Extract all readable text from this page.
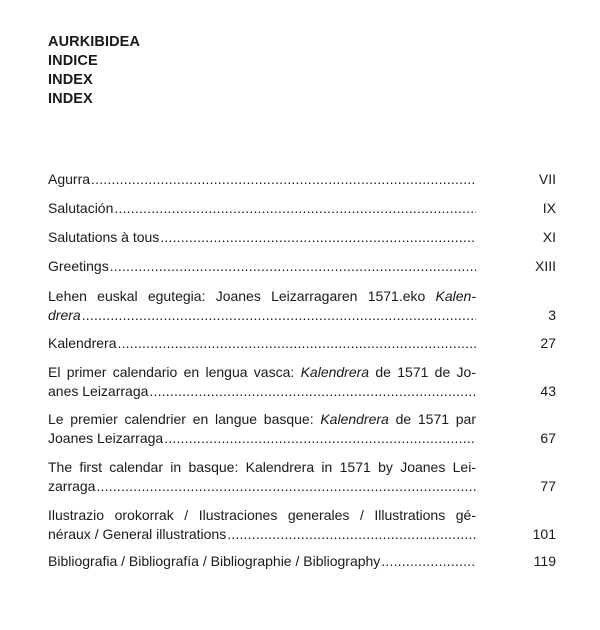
AURKIBIDEA
INDICE
INDEX
INDEX
Agurra .....	VII
Salutación .....	IX
Salutations à tous .....	XI
Greetings .....	XIII
Lehen euskal egutegia: Joanes Leizarragaren 1571.eko Kalen-
drera .....	3
Kalendrera .....	27
El primer calendario en lengua vasca: Kalendrera de 1571 de Jo-
anes Leizarraga .....	43
Le premier calendrier en langue basque: Kalendrera de 1571 par
Joanes Leizarraga .....	67
The first calendar in basque: Kalendrera in 1571 by Joanes Lei-
zarraga .....	77
Ilustrazio orokorrak / Ilustraciones generales / Illustrations gé-
néraux / General illustrations .....	101
Bibliografia / Bibliografía / Bibliographie / Bibliography .....	119
